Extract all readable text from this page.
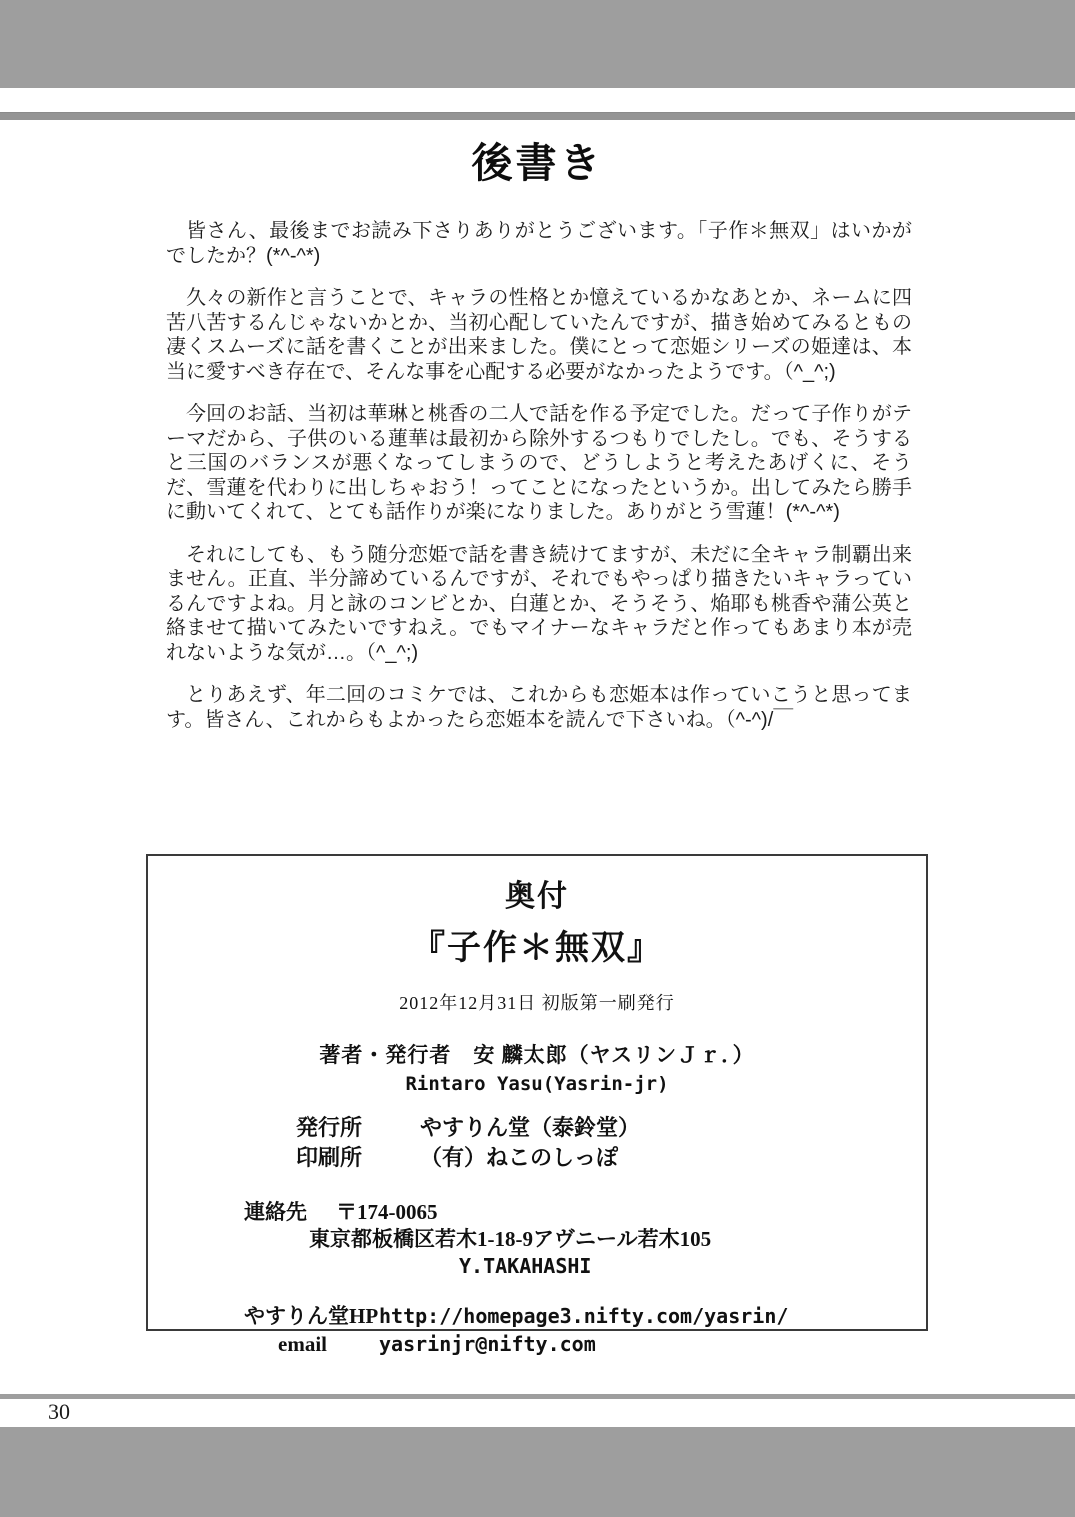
後書き

皆さん、最後までお読み下さりありがとうございます。「子作＊無双」はいかがでしたか？(*^-^*)

久々の新作と言うことで、キャラの性格とか憶えているかなあとか、ネームに四苦八苦するんじゃないかとか、当初心配していたんですが、描き始めてみるともの凄くスムーズに話を書くことが出来ました。僕にとって恋姫シリーズの姫達は、本当に愛すべき存在で、そんな事を心配する必要がなかったようです。（^_^;)

今回のお話、当初は華琳と桃香の二人で話を作る予定でした。だって子作りがテーマだから、子供のいる蓮華は最初から除外するつもりでしたし。でも、そうすると三国のバランスが悪くなってしまうので、どうしようと考えたあげくに、そうだ、雪蓮を代わりに出しちゃおう！ってことになったというか。出してみたら勝手に動いてくれて、とても話作りが楽になりました。ありがとう雪蓮！(*^-^*)

それにしても、もう随分恋姫で話を書き続けてますが、未だに全キャラ制覇出来ません。正直、半分諦めているんですが、それでもやっぱり描きたいキャラっているんですよね。月と詠のコンビとか、白蓮とか、そうそう、焔耶も桃香や蒲公英と絡ませて描いてみたいですねえ。でもマイナーなキャラだと作ってもあまり本が売れないような気が…。（^_^;)

とりあえず、年二回のコミケでは、これからも恋姫本は作っていこうと思ってます。皆さん、これからもよかったら恋姫本を読んで下さいね。（^-^)/￣

奥付
『子作＊無双』
2012年12月31日 初版第一刷発行
著者・発行者　安 麟太郎（ヤスリンＪｒ．）
Rintaro Yasu(Yasrin-jr)
発行所	やすりん堂（泰鈴堂）
印刷所	（有）ねこのしっぽ
連絡先	〒174-0065
東京都板橋区若木1-18-9アヴニール若木105
Y.TAKAHASHI
やすりん堂HP http://homepage3.nifty.com/yasrin/
email	yasrinjr@nifty.com
30
